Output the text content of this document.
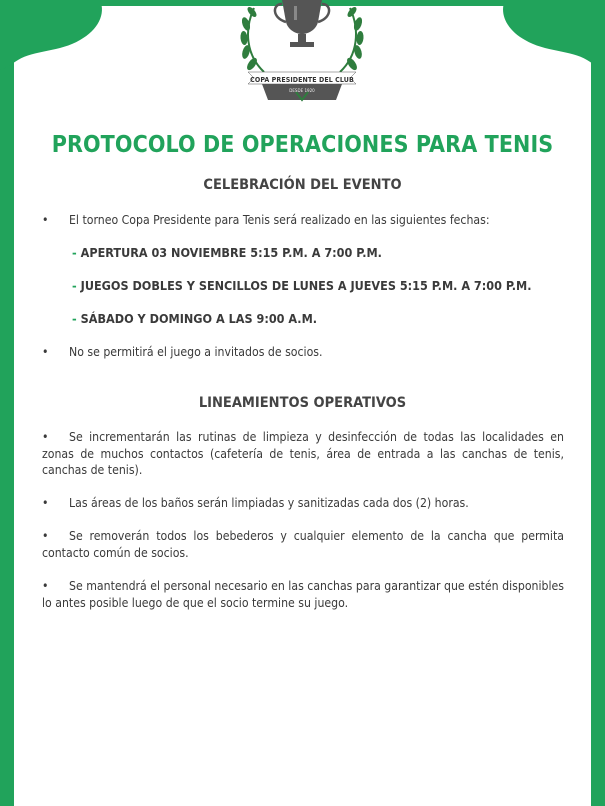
COPA PRESIDENTE DEL CLUB
DESDE 1920
PROTOCOLO DE OPERACIONES PARA TENIS
CELEBRACIÓN DEL EVENTO
•	El torneo Copa Presidente para Tenis será realizado en las siguientes fechas:
- APERTURA 03 NOVIEMBRE 5:15 P.M. A 7:00 P.M.
- JUEGOS DOBLES Y SENCILLOS DE LUNES A JUEVES 5:15 P.M. A 7:00 P.M.
- SÁBADO Y DOMINGO A LAS 9:00 A.M.
•	No se permitirá el juego a invitados de socios.
LINEAMIENTOS OPERATIVOS
•	Se incrementarán las rutinas de limpieza y desinfección de todas las localidades en zonas de muchos contactos (cafetería de tenis, área de entrada a las canchas de tenis, canchas de tenis).
•	Las áreas de los baños serán limpiadas y sanitizadas cada dos (2) horas.
•	Se removerán todos los bebederos y cualquier elemento de la cancha que permita contacto común de socios.
•	Se mantendrá el personal necesario en las canchas para garantizar que estén disponibles lo antes posible luego de que el socio termine su juego.
